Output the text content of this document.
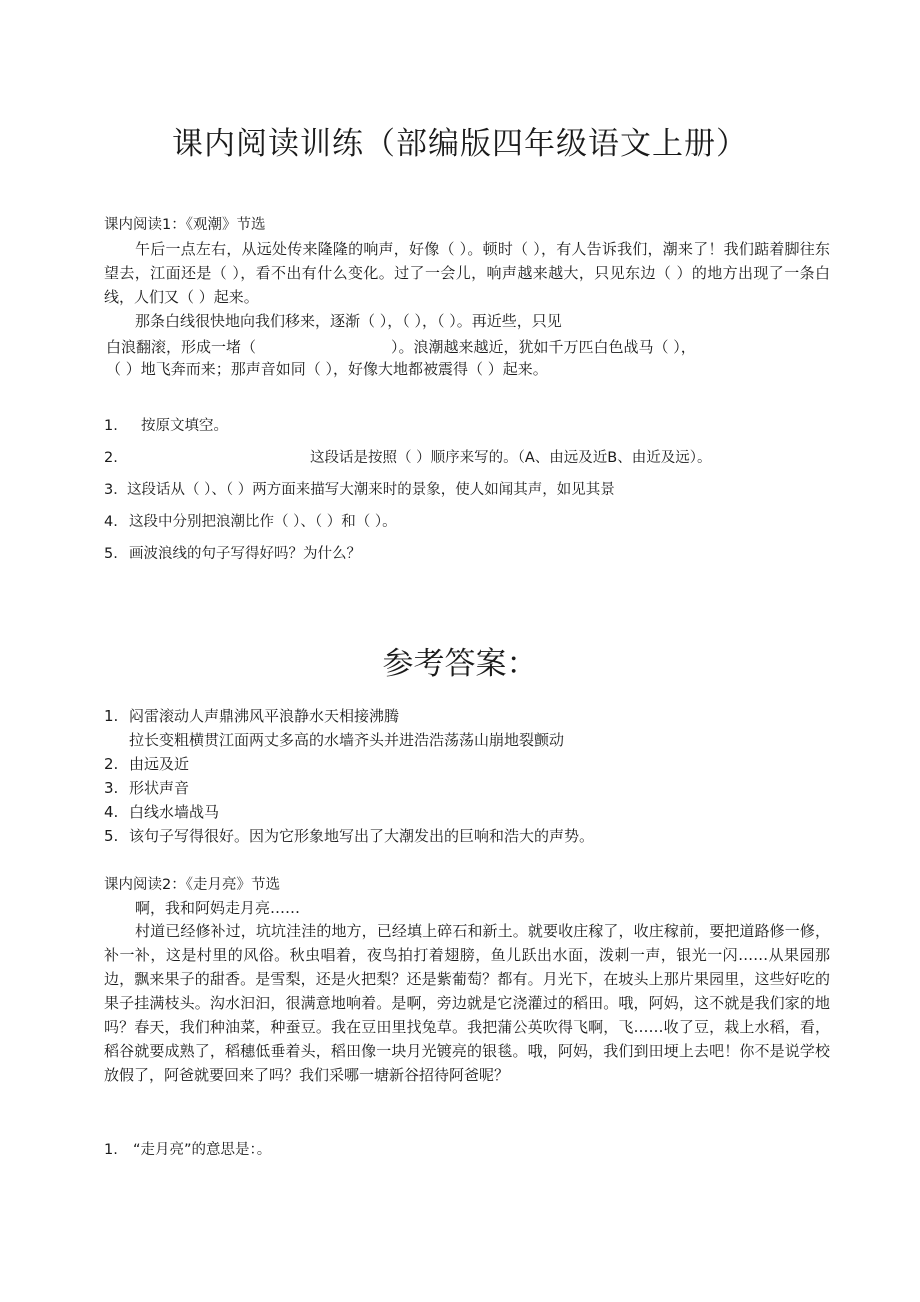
课内阅读训练（部编版四年级语文上册）
课内阅读1：《观潮》节选
午后一点左右，从远处传来隆隆的响声，好像（ ）。顿时（ ），有人告诉我们，潮来了！我们踮着脚往东望去，江面还是（ ），看不出有什么变化。过了一会儿，响声越来越大，只见东边（ ）的地方出现了一条白线，人们又（ ）起来。
那条白线很快地向我们移来，逐渐（ ），（ ），（ ）。再近些，只见
白浪翻滚，形成一堵（　　　　　　　　　）。浪潮越来越近，犹如千万匹白色战马（ ），
（ ）地飞奔而来；那声音如同（ ），好像大地都被震得（ ）起来。
1. 按原文填空。
2.	这段话是按照（ ）顺序来写的。（A、由远及近B、由近及远）。
3．这段话从（ ）、（ ）两方面来描写大潮来时的景象，使人如闻其声，如见其景
4. 这段中分别把浪潮比作（ ）、（ ）和（ ）。
5. 画波浪线的句子写得好吗？为什么？
参考答案：
1. 闷雷滚动人声鼎沸风平浪静水天相接沸腾
拉长变粗横贯江面两丈多高的水墙齐头并进浩浩荡荡山崩地裂颤动
2. 由远及近
3. 形状声音
4. 白线水墙战马
5. 该句子写得很好。因为它形象地写出了大潮发出的巨响和浩大的声势。
课内阅读2：《走月亮》节选
啊，我和阿妈走月亮……
村道已经修补过，坑坑洼洼的地方，已经填上碎石和新土。就要收庄稼了，收庄稼前，要把道路修一修，补一补，这是村里的风俗。秋虫唱着，夜鸟拍打着翅膀，鱼儿跃出水面，泼刺一声，银光一闪……从果园那边，飘来果子的甜香。是雪梨，还是火把梨？还是紫葡萄？都有。月光下，在坡头上那片果园里，这些好吃的果子挂满枝头。沟水汩汩，很满意地响着。是啊，旁边就是它浇灌过的稻田。哦，阿妈，这不就是我们家的地吗？春天，我们种油菜，种蚕豆。我在豆田里找兔草。我把蒲公英吹得飞啊，飞……收了豆，栽上水稻，看，稻谷就要成熟了，稻穗低垂着头，稻田像一块月光镀亮的银毯。哦，阿妈，我们到田埂上去吧！你不是说学校放假了，阿爸就要回来了吗？我们采哪一塘新谷招待阿爸呢？
1. “走月亮”的意思是：。
